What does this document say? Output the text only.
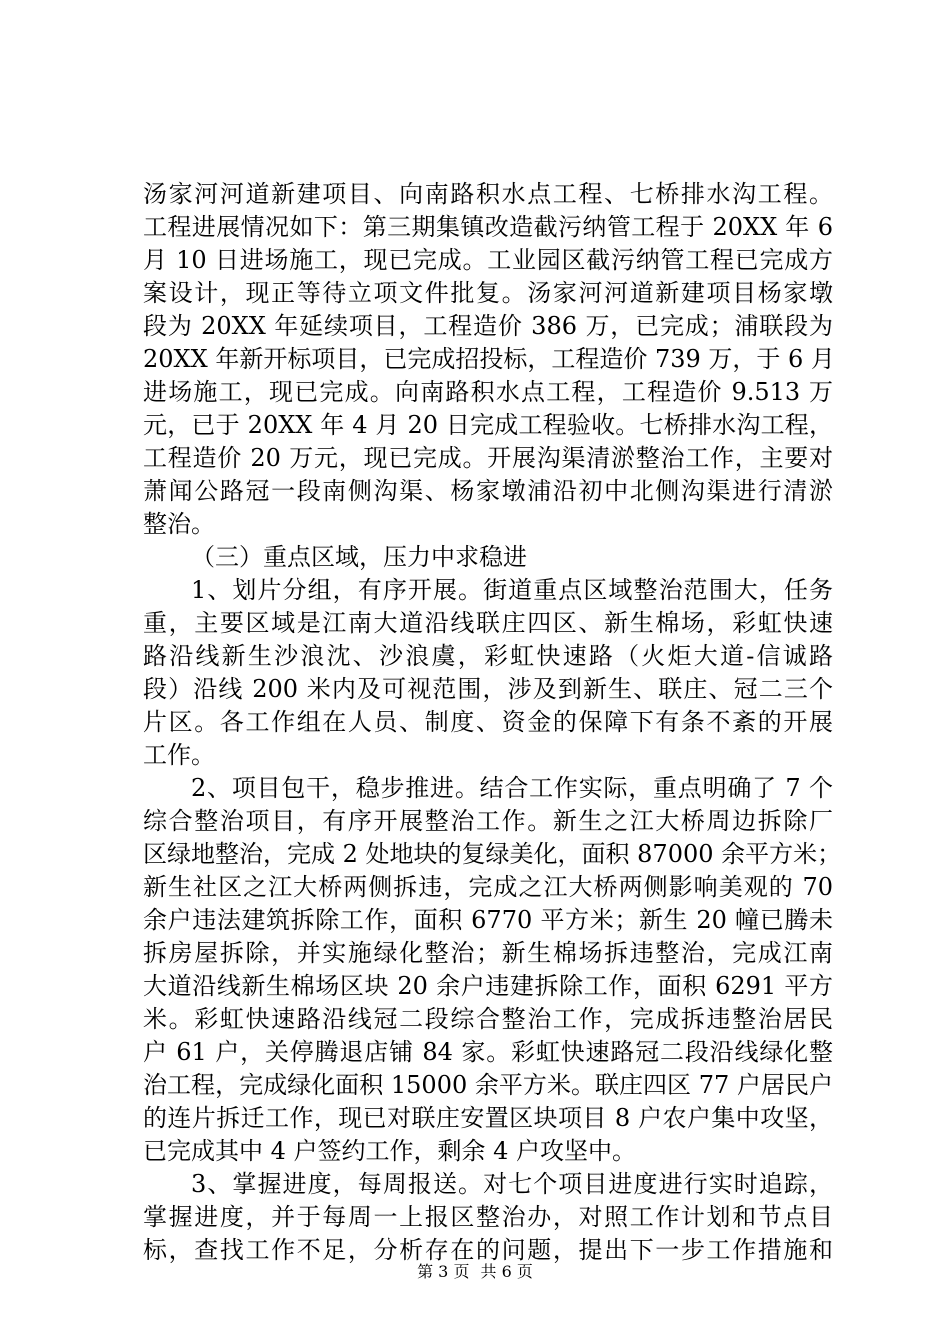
汤家河河道新建项目、向南路积水点工程、七桥排水沟工程。
工程进展情况如下：第三期集镇改造截污纳管工程于 20XX 年 6
月 10 日进场施工，现已完成。工业园区截污纳管工程已完成方
案设计，现正等待立项文件批复。汤家河河道新建项目杨家墩
段为 20XX 年延续项目，工程造价 386 万，已完成；浦联段为
20XX 年新开标项目，已完成招投标，工程造价 739 万，于 6 月
进场施工，现已完成。向南路积水点工程，工程造价 9.513 万
元，已于 20XX 年 4 月 20 日完成工程验收。七桥排水沟工程，
工程造价 20 万元，现已完成。开展沟渠清淤整治工作，主要对
萧闻公路冠一段南侧沟渠、杨家墩浦沿初中北侧沟渠进行清淤
整治。
（三）重点区域，压力中求稳进
1、划片分组，有序开展。街道重点区域整治范围大，任务
重，主要区域是江南大道沿线联庄四区、新生棉场，彩虹快速
路沿线新生沙浪沈、沙浪虞，彩虹快速路（火炬大道-信诚路
段）沿线 200 米内及可视范围，涉及到新生、联庄、冠二三个
片区。各工作组在人员、制度、资金的保障下有条不紊的开展
工作。
2、项目包干，稳步推进。结合工作实际，重点明确了 7 个
综合整治项目，有序开展整治工作。新生之江大桥周边拆除厂
区绿地整治，完成 2 处地块的复绿美化，面积 87000 余平方米；
新生社区之江大桥两侧拆违，完成之江大桥两侧影响美观的 70
余户违法建筑拆除工作，面积 6770 平方米；新生 20 幢已腾未
拆房屋拆除，并实施绿化整治；新生棉场拆违整治，完成江南
大道沿线新生棉场区块 20 余户违建拆除工作，面积 6291 平方
米。彩虹快速路沿线冠二段综合整治工作，完成拆违整治居民
户 61 户，关停腾退店铺 84 家。彩虹快速路冠二段沿线绿化整
治工程，完成绿化面积 15000 余平方米。联庄四区 77 户居民户
的连片拆迁工作，现已对联庄安置区块项目 8 户农户集中攻坚，
已完成其中 4 户签约工作，剩余 4 户攻坚中。
3、掌握进度，每周报送。对七个项目进度进行实时追踪，
掌握进度，并于每周一上报区整治办，对照工作计划和节点目
标，查找工作不足，分析存在的问题，提出下一步工作措施和
第 3 页 共 6 页
